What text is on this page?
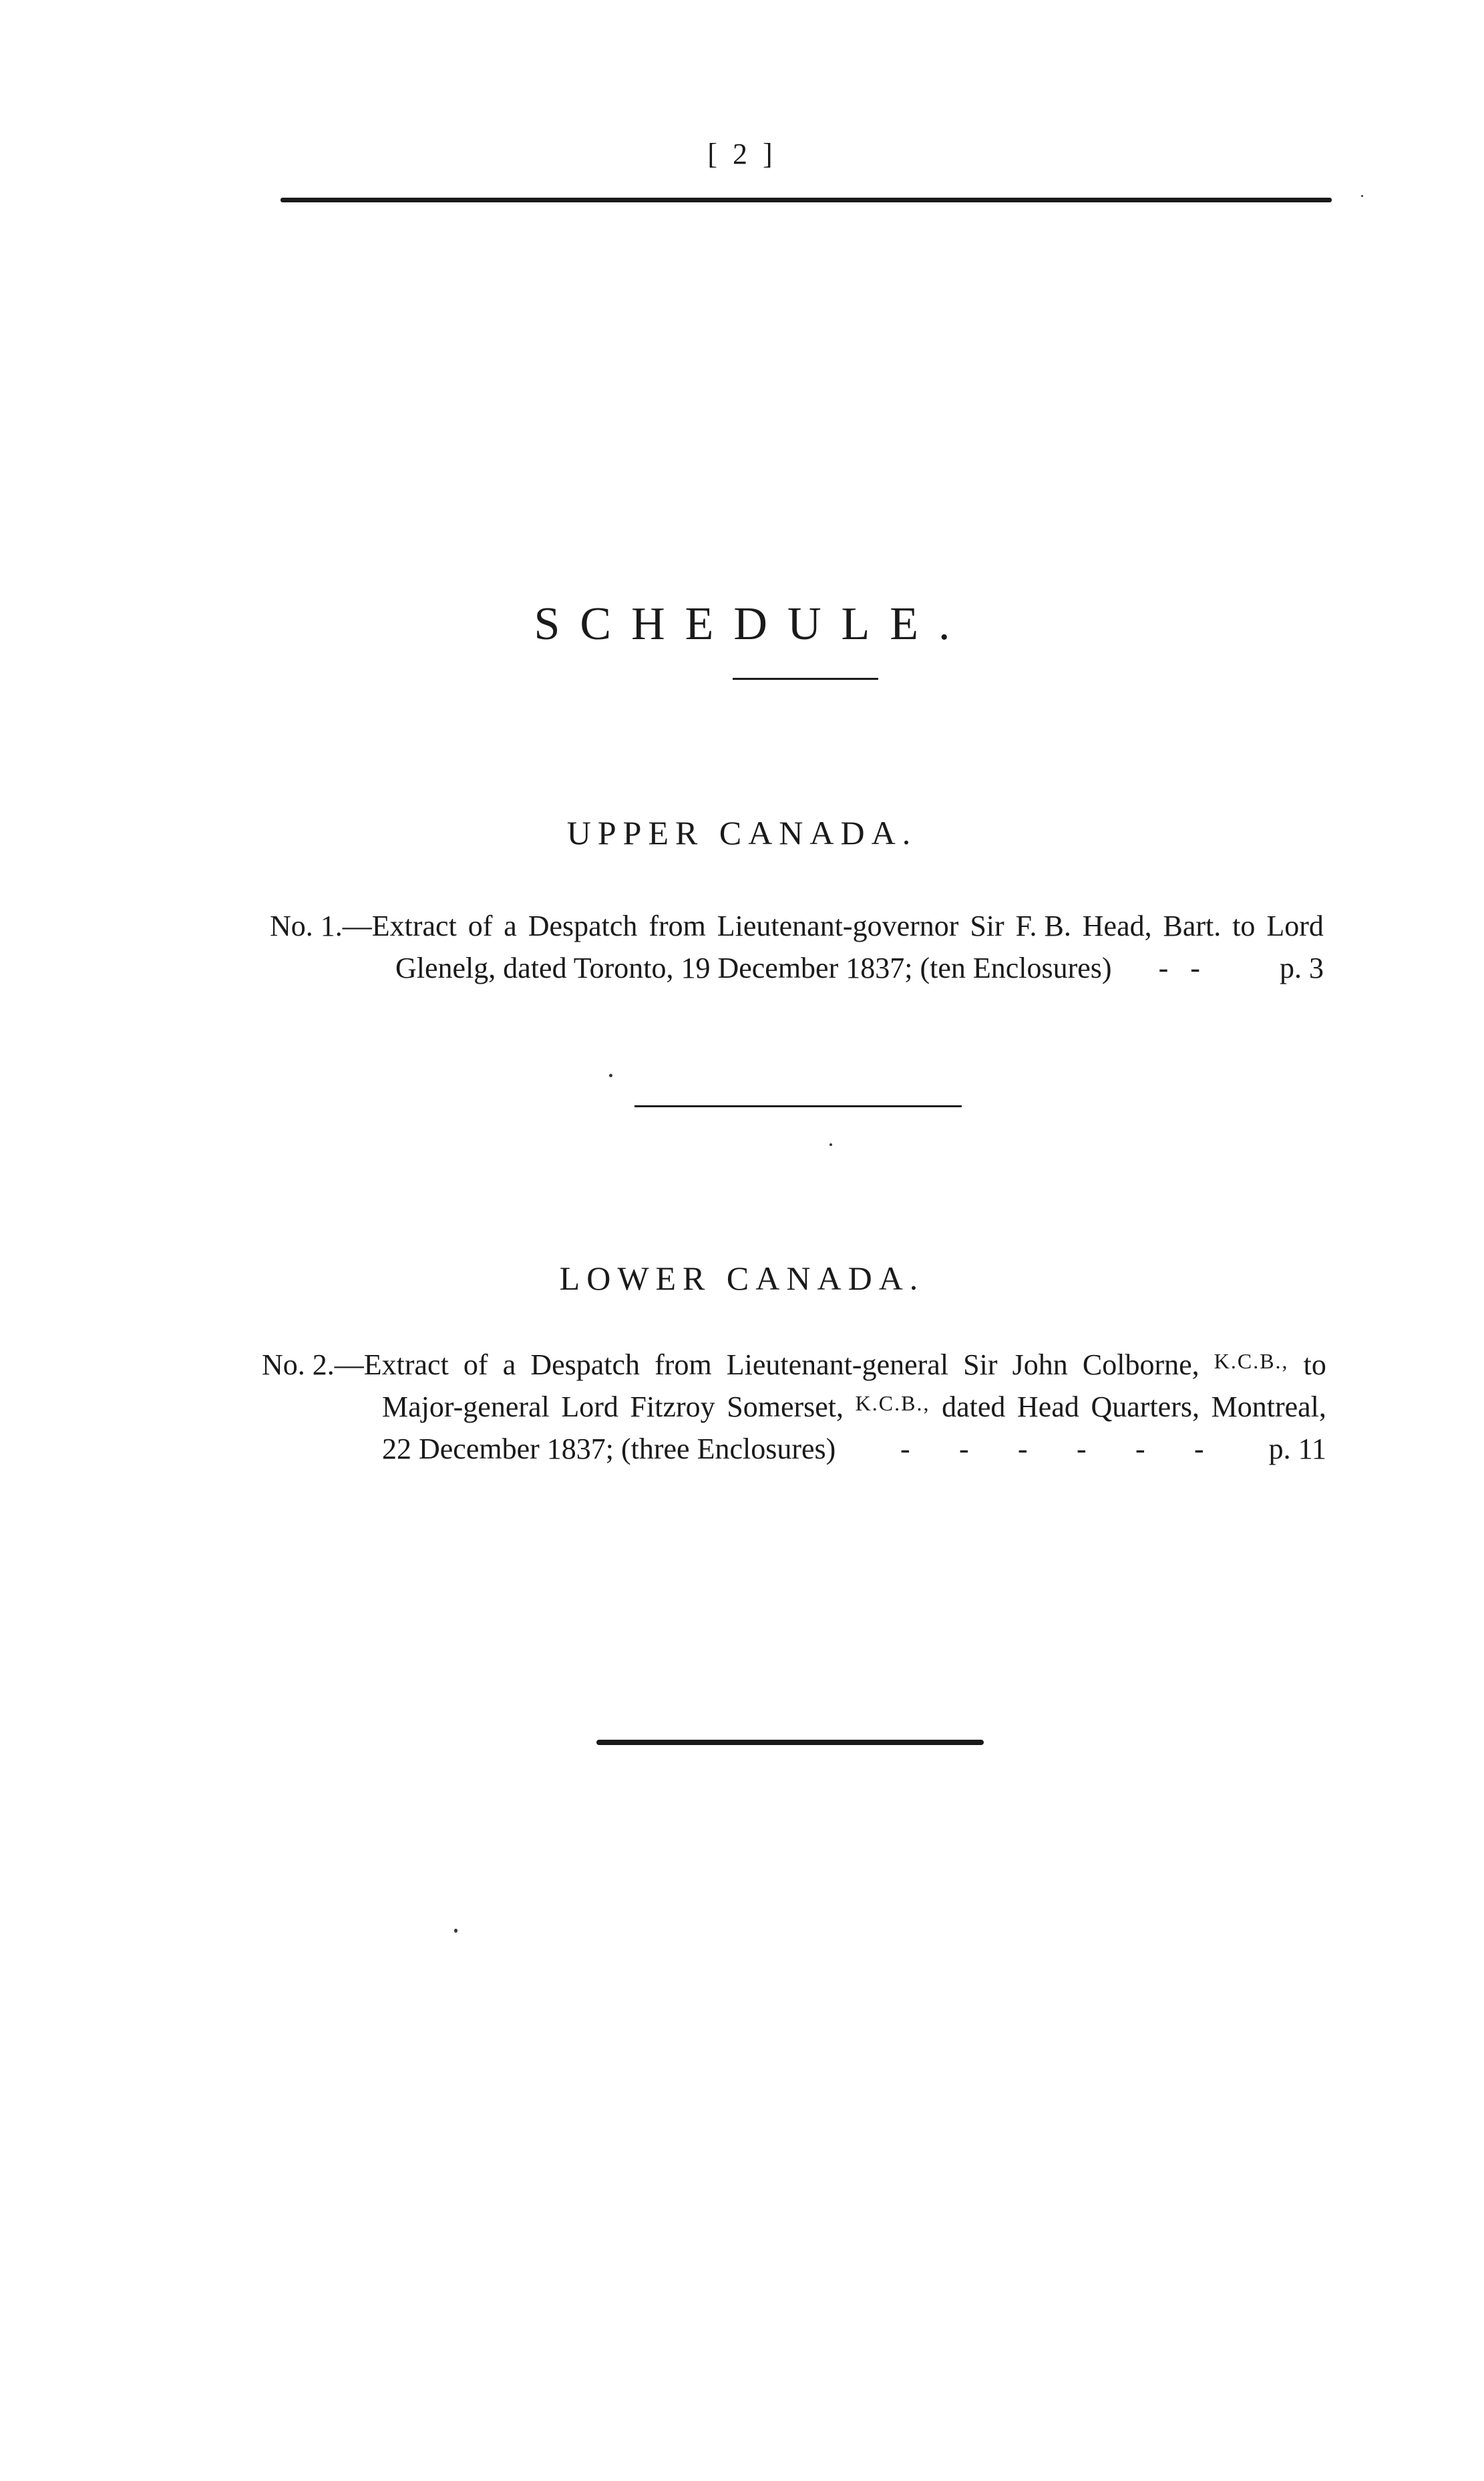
[ 2 ]
SCHEDULE.
UPPER CANADA.
No. 1.—Extract of a Despatch from Lieutenant-governor Sir F. B. Head, Bart. to Lord
Glenelg, dated Toronto, 19 December 1837; (ten Enclosures) -   -	p. 3
LOWER CANADA.
No. 2.—Extract of a Despatch from Lieutenant-general Sir John Colborne, K.C.B., to
Major-general Lord Fitzroy Somerset, K.C.B., dated Head Quarters, Montreal,
22 December 1837; (three Enclosures)	- - - - - -	p. 11
